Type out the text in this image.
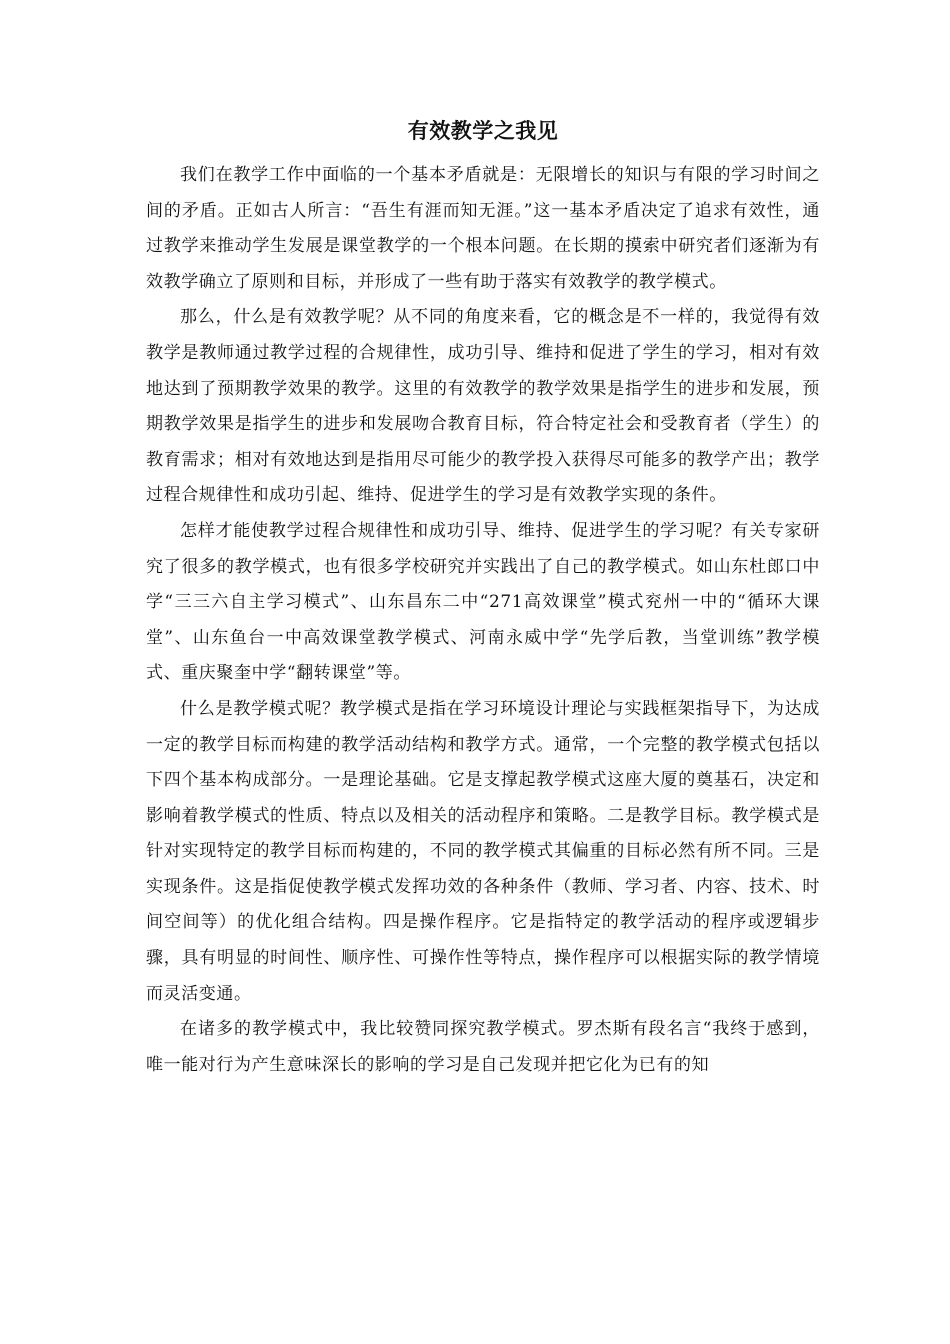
有效教学之我见

我们在教学工作中面临的一个基本矛盾就是：无限增长的知识与有限的学习时间之间的矛盾。正如古人所言：“吾生有涯而知无涯。”这一基本矛盾决定了追求有效性，通过教学来推动学生发展是课堂教学的一个根本问题。在长期的摸索中研究者们逐渐为有效教学确立了原则和目标，并形成了一些有助于落实有效教学的教学模式。

那么，什么是有效教学呢？从不同的角度来看，它的概念是不一样的，我觉得有效教学是教师通过教学过程的合规律性，成功引导、维持和促进了学生的学习，相对有效地达到了预期教学效果的教学。这里的有效教学的教学效果是指学生的进步和发展，预期教学效果是指学生的进步和发展吻合教育目标，符合特定社会和受教育者（学生）的教育需求；相对有效地达到是指用尽可能少的教学投入获得尽可能多的教学产出；教学过程合规律性和成功引起、维持、促进学生的学习是有效教学实现的条件。

怎样才能使教学过程合规律性和成功引导、维持、促进学生的学习呢？有关专家研究了很多的教学模式，也有很多学校研究并实践出了自己的教学模式。如山东杜郎口中学“三三六自主学习模式”、山东昌东二中“271高效课堂”模式兖州一中的“循环大课堂”、山东鱼台一中高效课堂教学模式、河南永威中学“先学后教，当堂训练”教学模式、重庆聚奎中学“翻转课堂”等。

什么是教学模式呢？教学模式是指在学习环境设计理论与实践框架指导下，为达成一定的教学目标而构建的教学活动结构和教学方式。通常，一个完整的教学模式包括以下四个基本构成部分。一是理论基础。它是支撑起教学模式这座大厦的奠基石，决定和影响着教学模式的性质、特点以及相关的活动程序和策略。二是教学目标。教学模式是针对实现特定的教学目标而构建的，不同的教学模式其偏重的目标必然有所不同。三是实现条件。这是指促使教学模式发挥功效的各种条件（教师、学习者、内容、技术、时间空间等）的优化组合结构。四是操作程序。它是指特定的教学活动的程序或逻辑步骤，具有明显的时间性、顺序性、可操作性等特点，操作程序可以根据实际的教学情境而灵活变通。

在诸多的教学模式中，我比较赞同探究教学模式。罗杰斯有段名言“我终于感到，唯一能对行为产生意味深长的影响的学习是自己发现并把它化为已有的知
